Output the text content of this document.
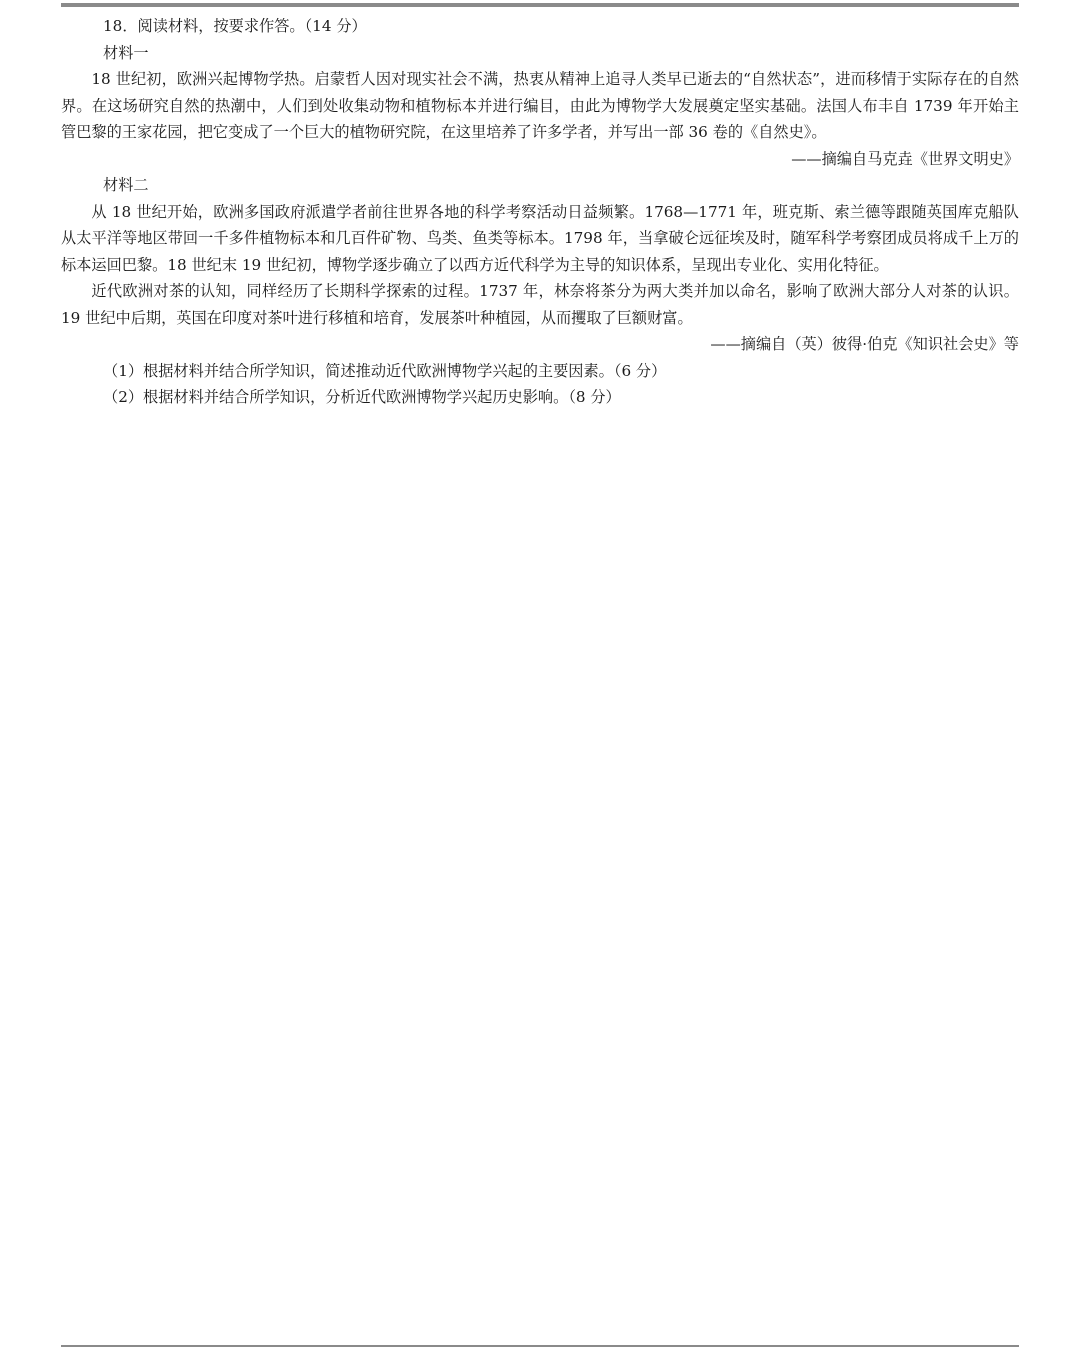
18．阅读材料，按要求作答。（14 分）

材料一

18 世纪初，欧洲兴起博物学热。启蒙哲人因对现实社会不满，热衷从精神上追寻人类早已逝去的“自然状态”，进而移情于实际存在的自然界。在这场研究自然的热潮中，人们到处收集动物和植物标本并进行编目，由此为博物学大发展奠定坚实基础。法国人布丰自 1739 年开始主管巴黎的王家花园，把它变成了一个巨大的植物研究院，在这里培养了许多学者，并写出一部 36 卷的《自然史》。

——摘编自马克垚《世界文明史》

材料二

从 18 世纪开始，欧洲多国政府派遣学者前往世界各地的科学考察活动日益频繁。1768—1771 年，班克斯、索兰德等跟随英国库克船队从太平洋等地区带回一千多件植物标本和几百件矿物、鸟类、鱼类等标本。1798 年，当拿破仑远征埃及时，随军科学考察团成员将成千上万的标本运回巴黎。18 世纪末 19 世纪初，博物学逐步确立了以西方近代科学为主导的知识体系，呈现出专业化、实用化特征。

近代欧洲对茶的认知，同样经历了长期科学探索的过程。1737 年，林奈将茶分为两大类并加以命名，影响了欧洲大部分人对茶的认识。19 世纪中后期，英国在印度对茶叶进行移植和培育，发展茶叶种植园，从而攫取了巨额财富。

——摘编自（英）彼得·伯克《知识社会史》等

（1）根据材料并结合所学知识，简述推动近代欧洲博物学兴起的主要因素。（6 分）

（2）根据材料并结合所学知识，分析近代欧洲博物学兴起历史影响。（8 分）
